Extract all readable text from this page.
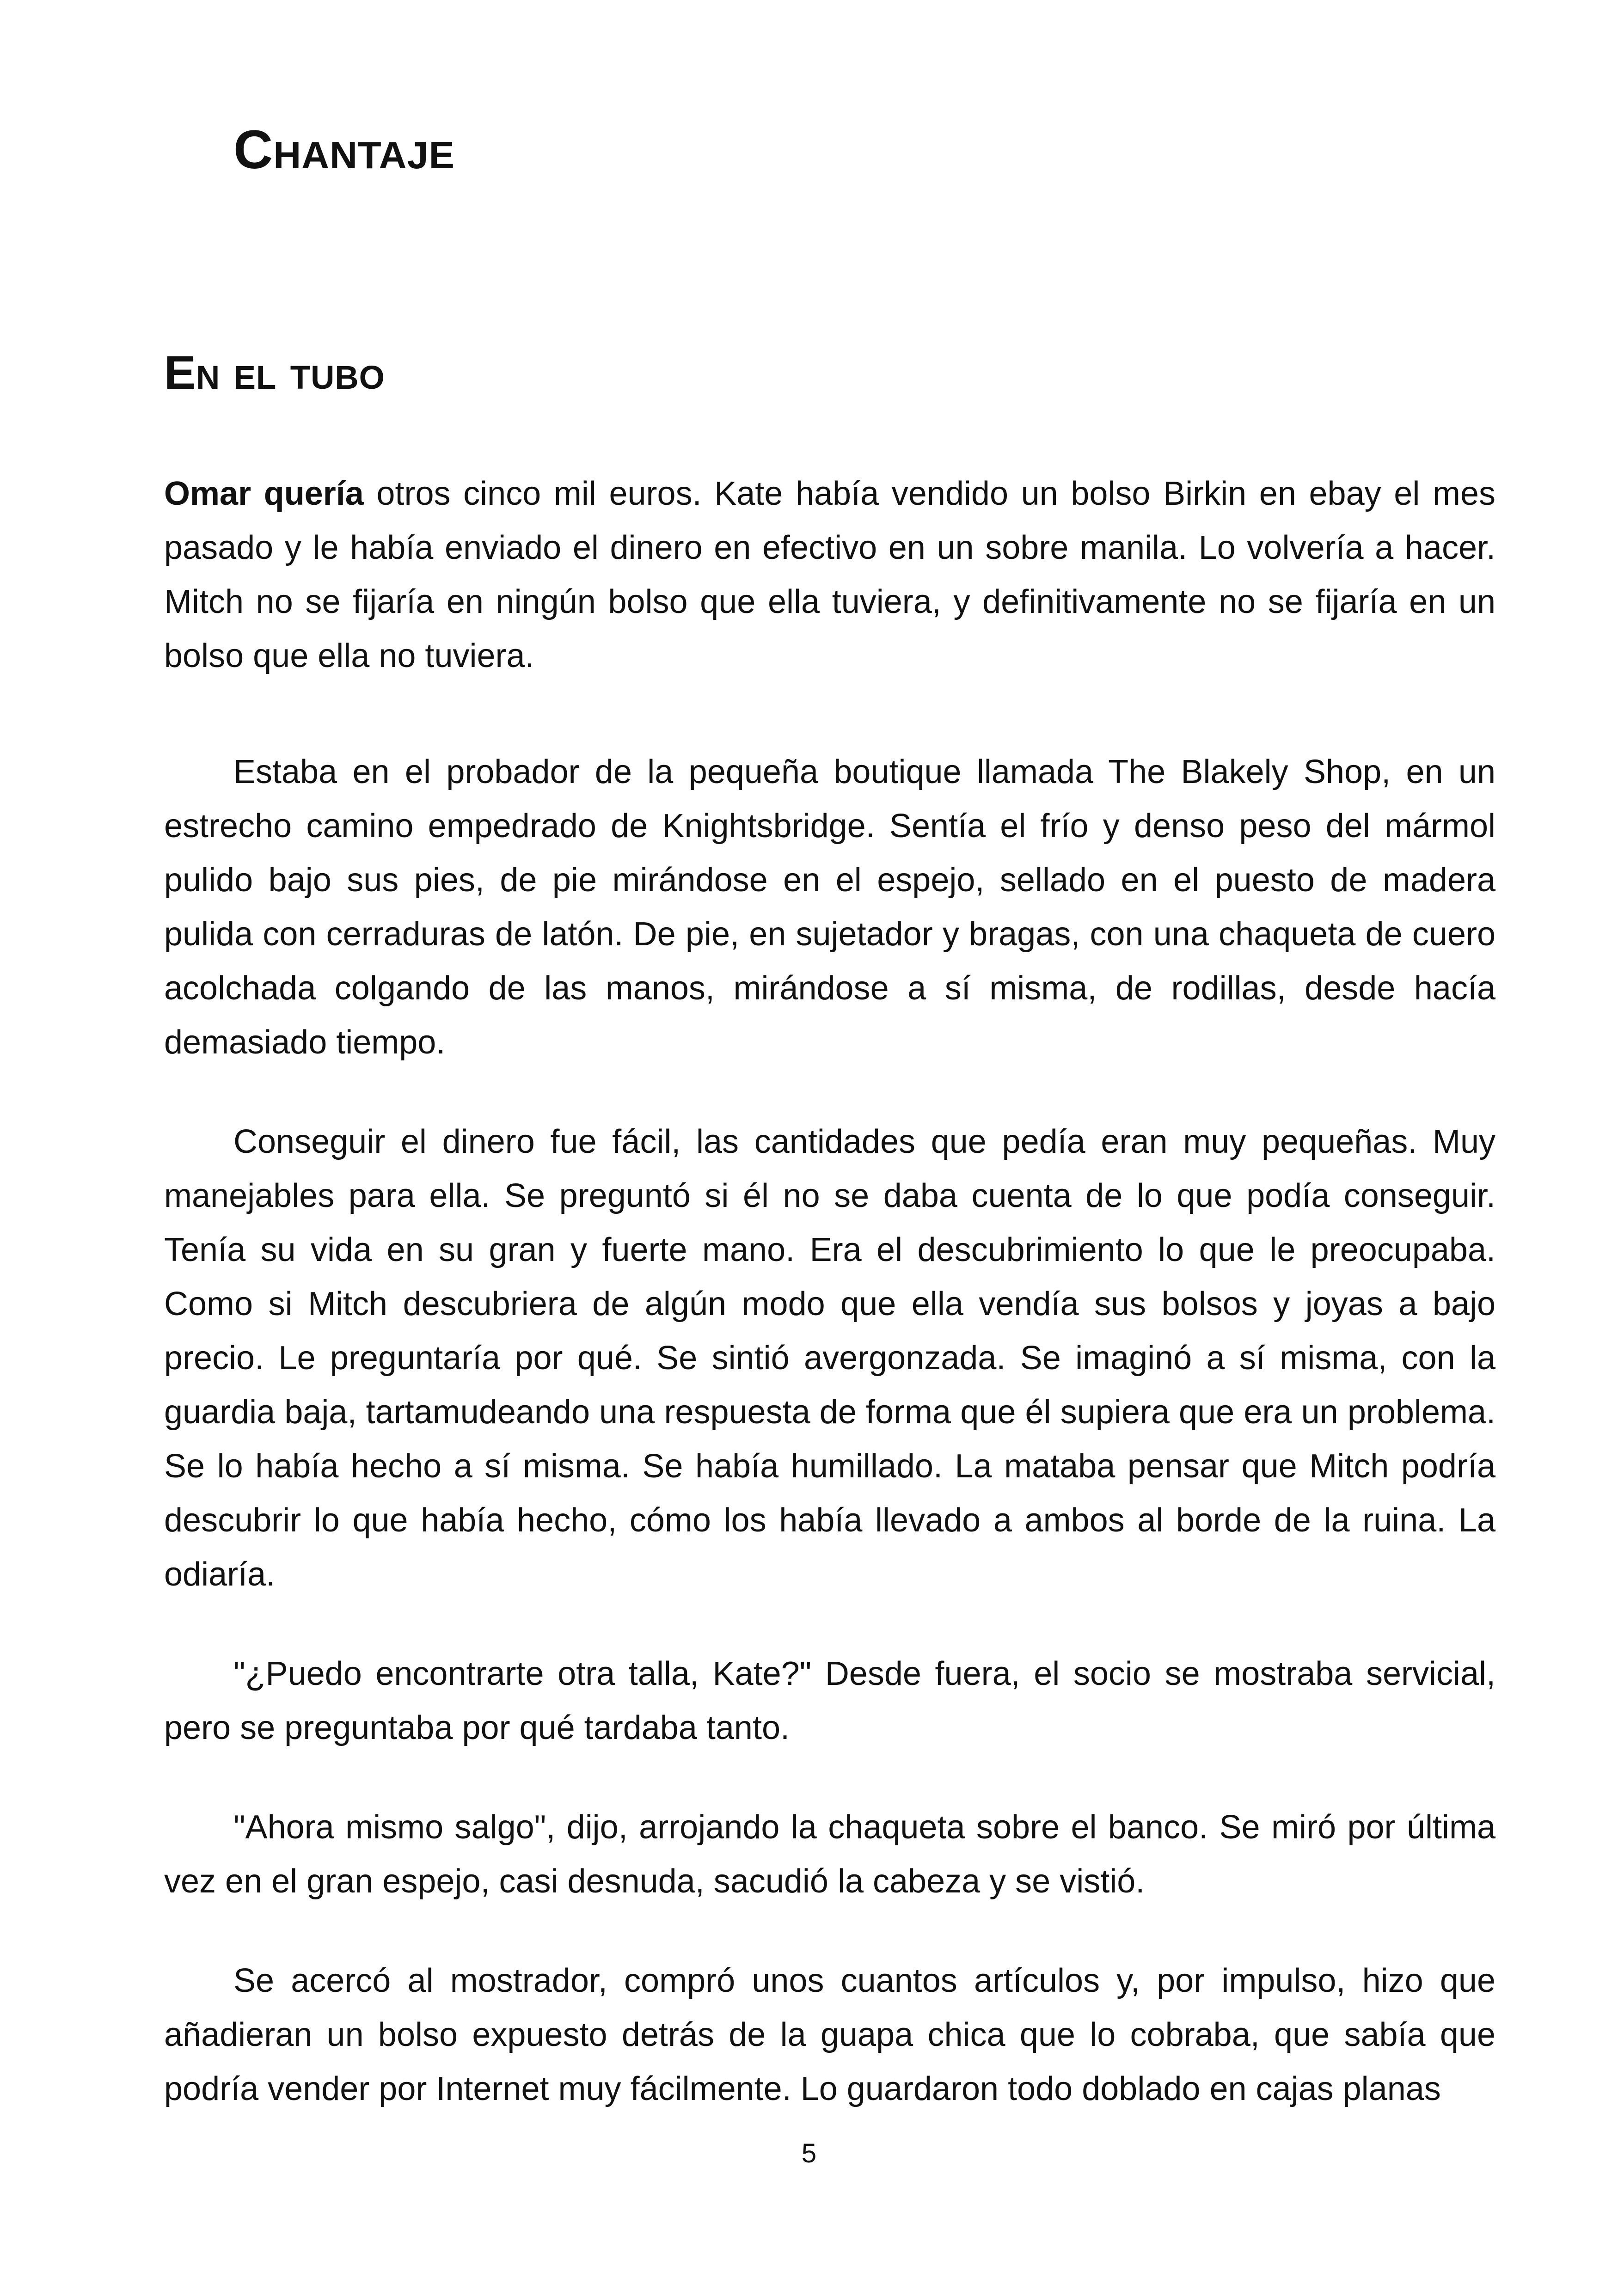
Chantaje
En el tubo

Omar quería otros cinco mil euros. Kate había vendido un bolso Birkin en ebay el mes pasado y le había enviado el dinero en efectivo en un sobre manila. Lo volvería a hacer. Mitch no se fijaría en ningún bolso que ella tuviera, y definitivamente no se fijaría en un bolso que ella no tuviera.

Estaba en el probador de la pequeña boutique llamada The Blakely Shop, en un estrecho camino empedrado de Knightsbridge. Sentía el frío y denso peso del mármol pulido bajo sus pies, de pie mirándose en el espejo, sellado en el puesto de madera pulida con cerraduras de latón. De pie, en sujetador y bragas, con una chaqueta de cuero acolchada colgando de las manos, mirándose a sí misma, de rodillas, desde hacía demasiado tiempo.

Conseguir el dinero fue fácil, las cantidades que pedía eran muy pequeñas. Muy manejables para ella. Se preguntó si él no se daba cuenta de lo que podía conseguir. Tenía su vida en su gran y fuerte mano. Era el descubrimiento lo que le preocupaba. Como si Mitch descubriera de algún modo que ella vendía sus bolsos y joyas a bajo precio. Le preguntaría por qué. Se sintió avergonzada. Se imaginó a sí misma, con la guardia baja, tartamudeando una respuesta de forma que él supiera que era un problema. Se lo había hecho a sí misma. Se había humillado. La mataba pensar que Mitch podría descubrir lo que había hecho, cómo los había llevado a ambos al borde de la ruina. La odiaría.

"¿Puedo encontrarte otra talla, Kate?" Desde fuera, el socio se mostraba servicial, pero se preguntaba por qué tardaba tanto.

"Ahora mismo salgo", dijo, arrojando la chaqueta sobre el banco. Se miró por última vez en el gran espejo, casi desnuda, sacudió la cabeza y se vistió.

Se acercó al mostrador, compró unos cuantos artículos y, por impulso, hizo que añadieran un bolso expuesto detrás de la guapa chica que lo cobraba, que sabía que podría vender por Internet muy fácilmente. Lo guardaron todo doblado en cajas planas

5
